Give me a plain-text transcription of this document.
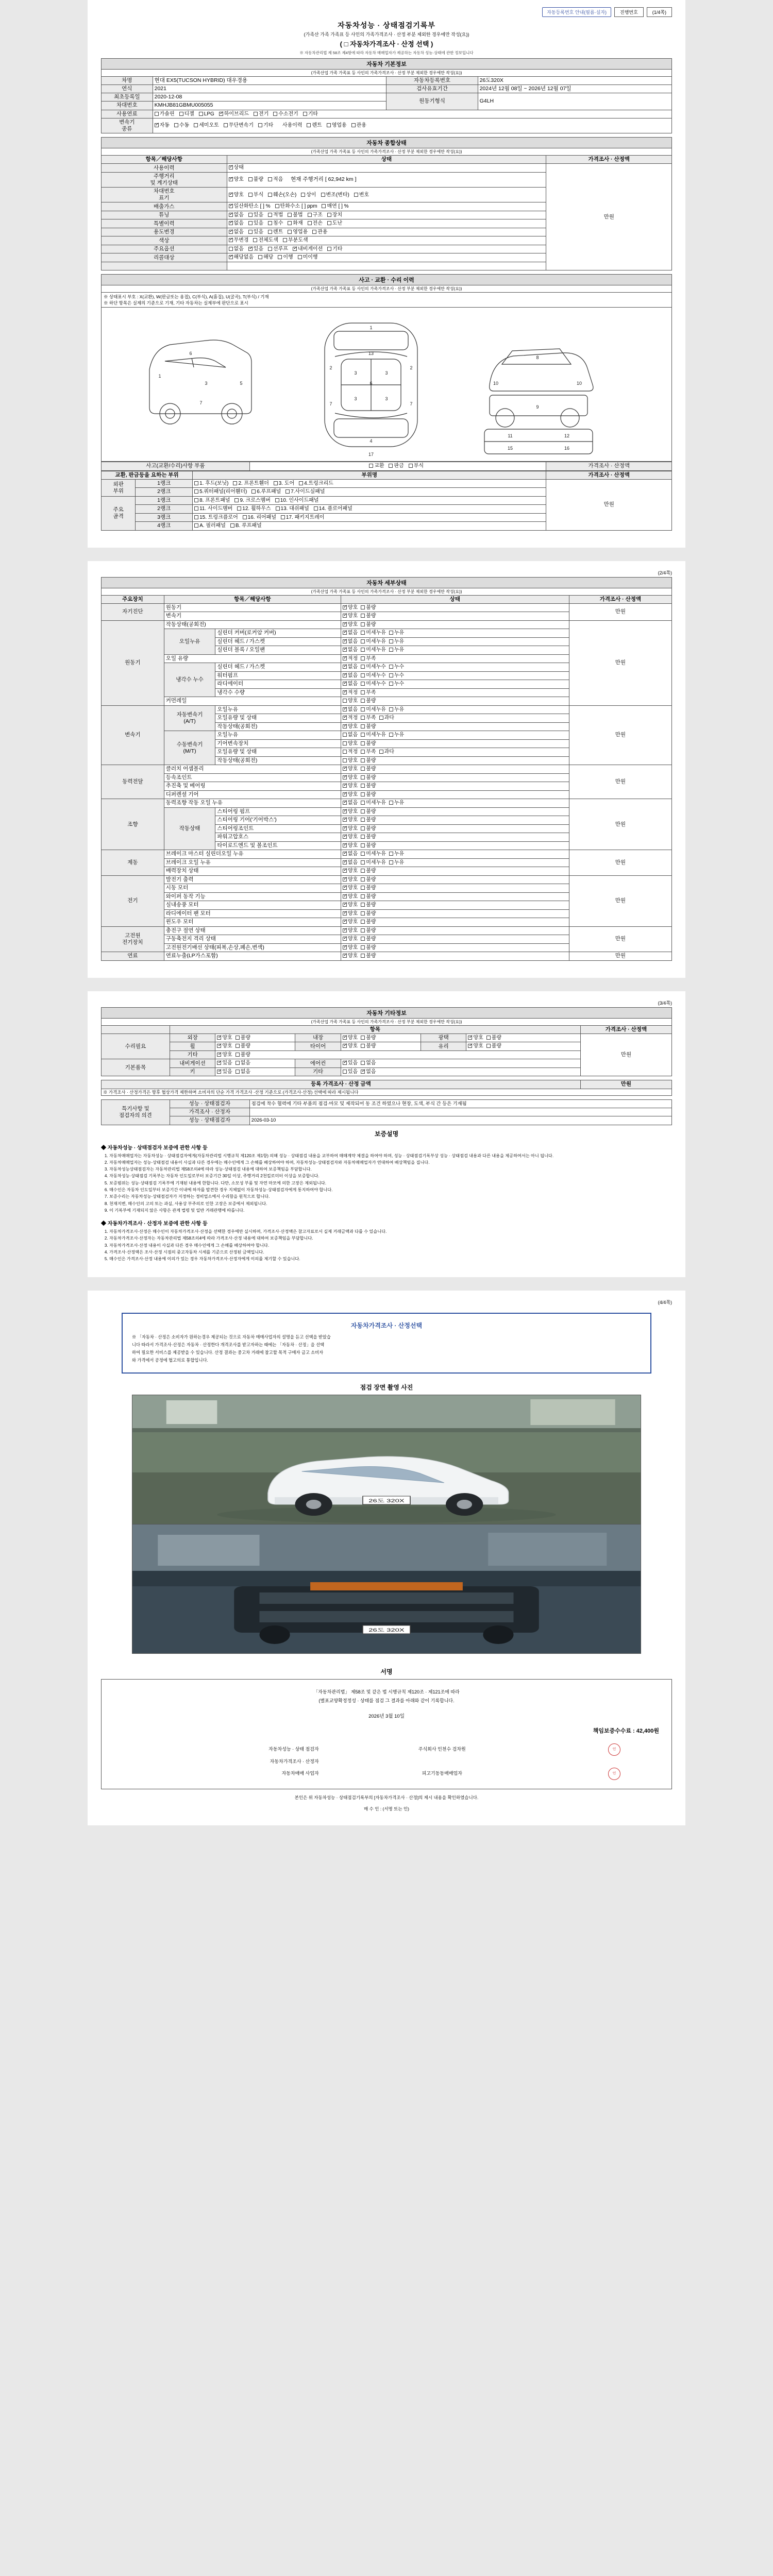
자동등록번호 안내(필름·실자)	진행번호	(1/4쪽)
자동차성능 · 상태점검기록부
(가족산 가족 가족표 등 사인의 가족가격조사 · 산정 부분 제외한 경우에만 작성(요))
( □ 자동차가격조사 · 산정 선택 )
※ 자동차관리법 제 58조 제4항에 따라 자동차 매매업자가 제공하는 자동차 성능·상태에 관한 정보입니다
자동차 기본정보
(가족산업 가족 가족표 등 사인의 가족가격조사 · 산정 부분 제외한 경우에만 작성(요))
차명	현대 EX5(TUCSON HYBRID) 대우경용	자동차등록번호	26도320X
연식	2021	검사유효기간	2024년 12월 08일 ~ 2026년 12월 07일
최초등록일	2020-12-08	원동기형식	G4LH
차대번호	KMHJB81GBMU005055		
사용연료	가솔린 디젤 LPG ✓ 하이브리드 전기 수소전기 기타
변속기
종류	✓자동 수동 세미오토 무단변속기 기타 사용이력 렌트 영업용 관용
자동차 종합상태
(가족산업 가족 가족표 등 사인의 가족가격조사 · 산정 부분 제외한 경우에만 작성(요))
항목／해당사항	상태	가격조사 · 산정액
사용이력	✓상태	만원
주행거리
및 계기상태	✓양호 불량 적음 현재 주행거리 [ 62,942 km ]
차대번호
표기	✓양호 부식 훼손(오손) 상이 변조(변타) 변호
배출가스	✓일산화탄소 [ ] % 탄화수소 [ ] ppm 매연 [ ] %
튜닝	✓없음 있음 적법 불법 구조 장치
특별이력	✓없음 있음 침수 화재 전손 도난
용도변경	✓없음 있음 렌트 영업용 관용
색상	✓무변경 전체도색 부분도색
주요옵션	없음 ✓ 있음 선루프 ✓ 내비게이션 기타
리콜대상	✓해당없음 해당 이행 미이행

사고 · 교환 · 수리 이력
(가족산업 가족 가족표 등 사인의 가족가격조사 · 산정 부분 제외한 경우에만 작성(요))
※ 상태표시 부호 : X(교환), W(판금또는 용접), C(부식), A(흠집), U(굴곡), T(부식) / 기재
※ 하단 항목은 실제의 기준으로 기재, 기타 자동차는 실제부에 판단으로 표시
1
2	2
3	3
3	3
4
6
7	7
13
8
9
10	10
11	12
15	16
1
3	5
6
7
17
사고(교환/수리)사항 부품	교환 판금 부식	가격조사 · 산정액
교환, 판금등을 요하는 부위		부위명	가격조사 · 산정액
외판
부위	1랭크	1. 후드(보닛) 2. 프론트휀더 3. 도어 4.트렁크리드	만원
	2랭크	5.쿼터패널(리어휀더) 6.루프패널 7.사이드실패널	
주요
골격	1랭크	8. 프론트패널 9. 크로스멤버 10. 인사이드패널	
	2랭크	11. 사이드멤버 12. 휠하우스 13. 대쉬패널 14. 플로어패널	
	3랭크	15. 트렁크플로어 16. 리어패널 17. 패키지트레이	
	4랭크	A. 필러패널 B. 루프패널	
(2/4쪽)
자동차 세부상태
(가족산업 가족 가족표 등 사인의 가족가격조사 · 산정 부분 제외한 경우에만 작성(요))
주요장치	항목／해당사항		상태	가격조사 · 산정액
자기진단	원동기	✓양호 불량	만원
	변속기	✓양호 불량
원동기	작동상태(공회전)	✓양호 불량	만원
	오일누유	실린더 커버(로커암 커버)	✓없음 미세누유 누유
		실린더 헤드 / 가스켓	✓없음 미세누유 누유
		실린더 블록 / 오일팬	✓없음 미세누유 누유
	오일 유량	✓적정 부족
	냉각수 누수	실린더 헤드 / 가스켓	✓없음 미세누수 누수
		워터펌프	✓없음 미세누수 누수
		라디에이터	✓없음 미세누수 누수
		냉각수 수량	✓적정 부족
	커먼레일		양호 불량	
변속기	자동변속기
(A/T)	오일누유	✓없음 미세누유 누유	만원
		오일유량 및 상태	✓적정 부족 과다
		작동상태(공회전)	✓양호 불량
	수동변속기
(M/T)	오일누유	없음 미세누유 누유	
		기어변속장치	양호 불량	
		오일유량 및 상태	적정 부족 과다	
		작동상태(공회전)	양호 불량	
동력전달	클러치 어셈블리	✓양호 불량	만원
	등속조인트	✓양호 불량
	추진축 및 베어링	✓양호 불량
	디퍼렌셜 기어	✓양호 불량
조향	동력조향 작동 오일 누유	✓없음 미세누유 누유	만원
	작동상태	스티어링 펌프	✓양호 불량
		스티어링 기어('기어박스')	✓양호 불량
		스티어링조인트	✓양호 불량
		파워고압호스	✓양호 불량
		타이로드엔드 및 볼조인트	✓양호 불량
제동	브레이크 마스터 실린더오일 누유	✓없음 미세누유 누유	만원
	브레이크 오일 누유	✓없음 미세누유 누유
	배력장치 상태	✓양호 불량
전기	발전기 출력	✓양호 불량	만원
	시동 모터	✓양호 불량
	와이퍼 동작 기능	✓양호 불량
	실내송풍 모터	✓양호 불량
	라디에이터 팬 모터	✓양호 불량
	윈도우 모터	✓양호 불량
고전원
전기장치	충전구 절연 상태	✓양호 불량	만원
	구동축전지 격리 상태	✓양호 불량
	고전원전기배선 상태(피복,손상,폐손,변색)	✓양호 불량
연료	연료누출(LP가스포함)	✓양호 불량	만원
(3/4쪽)
자동차 기타정보
(가족산업 가족 가족표 등 사인의 가족가격조사 · 산정 부분 제외한 경우에만 작성(요))
	항목						가격조사 · 산정액
수리필요	외장	✓양호 불량	내장	✓양호 불량	광택	✓양호 불량	만원
	휠	✓양호 불량	타이어	✓양호 불량	유리	✓양호 불량
	기타	✓양호 불량
기본품목	내비게이션	✓있음 없음	에어컨	✓있음 없음
	키	✓있음 없음	기타	있음 ✓ 없음
등록 가격조사 · 산정 금액	만원
※ 가격조사 · 산정가격은 향후 협상가격 제한하며 소비자의 단순 가격 가격조사 ·산정 기준으로 (가격조사·산정) 선택에 따라 제시됩니다
특기사항 및
점검자의 의견	성능 · 상태점검자	점검에 착수 협력에 기타 부품의 점검·마모 및 제작되어 동 조건 하였으나 현장, 도색, 부식 간 등은 기재됨
	가격조사 · 산정자	
	성능 · 상태점검자	2026-03-10
보증설명
◆ 자동차성능 · 상태점검자 보증에 관한 사항 등
1. 자동차매매업자는 자동차성능 · 상태점검자에게(자동차관리법 시행규칙 제120조 제1항) 의해 성능 · 상태점검 내용을 교부하여 매매계약 체결을 하여야 하며, 성능 · 상태점검기록부상 성능 · 상태점검 내용과 다른 내용을 제공하여서는 아니 됩니다.
2. 자동차매매업자는 성능·상태점검 내용이 사실과 다른 경우에는 매수인에게 그 손해를 배상하여야 하며, 자동차성능·상태점검자와 자동차매매업자가 연대하여 배상책임을 집니다.
3. 자동차성능상태점검자는 자동차관리법 제58조의4에 따라 성능·상태점검 내용에 대하여 보증책임을 부담합니다.
4. 자동차성능·상태점검 기록부는 자동차 인도일로부터 보증기간 30일 이상, 주행거리 2천킬로미터 이상을 보증합니다.
5. 보증범위는 성능·상태점검 기록부에 기재된 내용에 한합니다. 다만, 소모성 부품 및 자연 마모에 의한 고장은 제외됩니다.
6. 매수인은 자동차 인도일부터 보증기간 이내에 하자를 발견한 경우 지체없이 자동차성능·상태점검자에게 통지하여야 합니다.
7. 보증수리는 자동차성능·상태점검자가 지정하는 정비업소에서 수리함을 원칙으로 합니다.
8. 천재지변, 매수인의 고의 또는 과실, 사용상 부주의로 인한 고장은 보증에서 제외됩니다.
9. 이 기록부에 기재되지 않은 사항은 관계 법령 및 일반 거래관행에 따릅니다.
◆ 자동차가격조사 · 산정자 보증에 관한 사항 등
1. 자동차가격조사·산정은 매수인이 자동차가격조사·산정을 선택한 경우에만 실시하며, 가격조사·산정액은 참고자료로서 실제 거래금액과 다를 수 있습니다.
2. 자동차가격조사·산정자는 자동차관리법 제58조의4에 따라 가격조사·산정 내용에 대하여 보증책임을 부담합니다.
3. 자동차가격조사·산정 내용이 사실과 다른 경우 매수인에게 그 손해를 배상하여야 합니다.
4. 가격조사·산정액은 조사·산정 시점의 중고자동차 시세를 기준으로 산정된 금액입니다.
5. 매수인은 가격조사·산정 내용에 이의가 있는 경우 자동차가격조사·산정자에게 이의를 제기할 수 있습니다.
(4/4쪽)
자동차가격조사 · 산정선택

※ 「자동차 · 산정은 소비자가 원하는경우 제공되는 것으로 자동차 매매사업자의 설명을 듣고 선택을 받았습

니다 따라서 가격조사·산정은 자동차 · 산정한다 개격조사를 받고자하는 때에는 「자동차 · 산정」을 선택

하여 필요한 서비스를 제공받을 수 있습니다. 산정 결과는 중고차 거래에 참고할 목적 구매자 금고 소비자

와 가격에서 공정에 협고의로 통합입니다.

점검 장면 촬영 사진
26도 320X
26도 320X
서명

「자동차관리법」 제58조 및 같은 법 시행규칙 제120조 · 제121조에 따라

(별표교양확정정성 · 상태를 점검 그 결과를 아래와 같이 기록합니다.

2026년 3월 10일
책임보증수수료 : 42,400원
자동차성능 · 상태 점검자	주식회사 인천수 검차원	인
자동차가격조사 · 산정자		
자동차매매 사업자	피고기동동매매업자	인
본인은 위 자동차성능 · 상태점검기록부의 [자동차가격조사 · 산정]의 제시 내용을 확인하였습니다.
매 수 인 : (서명 또는 인)
